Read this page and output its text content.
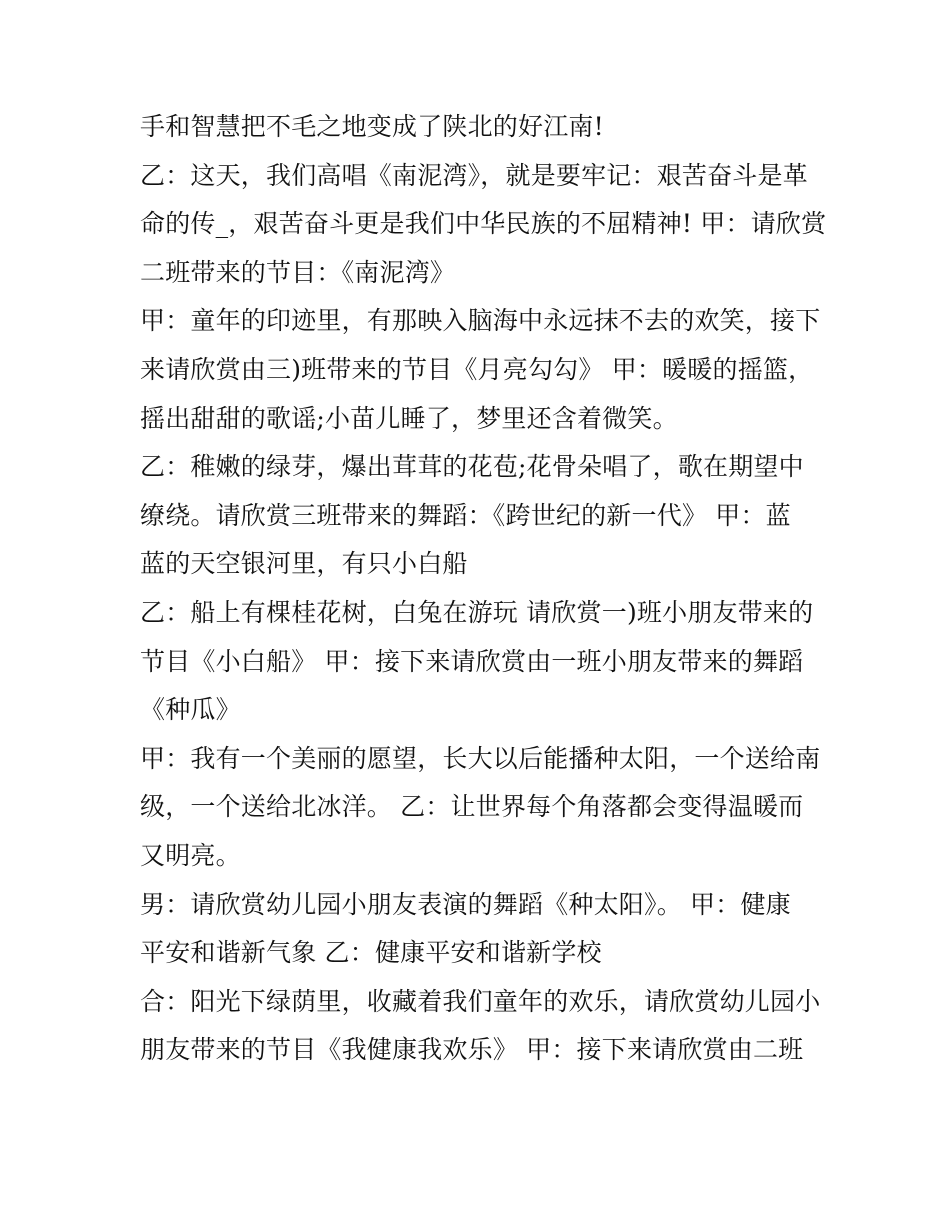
手和智慧把不毛之地变成了陕北的好江南!
乙：这天，我们高唱《南泥湾》，就是要牢记：艰苦奋斗是革
命的传_，艰苦奋斗更是我们中华民族的不屈精神! 甲：请欣赏
二班带来的节目：《南泥湾》
甲：童年的印迹里，有那映入脑海中永远抹不去的欢笑，接下
来请欣赏由三)班带来的节目《月亮勾勾》 甲：暖暖的摇篮，
摇出甜甜的歌谣;小苗儿睡了，梦里还含着微笑。
乙：稚嫩的绿芽，爆出茸茸的花苞;花骨朵唱了，歌在期望中
缭绕。请欣赏三班带来的舞蹈：《跨世纪的新一代》 甲：蓝
蓝的天空银河里，有只小白船
乙：船上有棵桂花树，白兔在游玩 请欣赏一)班小朋友带来的
节目《小白船》 甲：接下来请欣赏由一班小朋友带来的舞蹈
《种瓜》
甲：我有一个美丽的愿望，长大以后能播种太阳，一个送给南
级，一个送给北冰洋。 乙：让世界每个角落都会变得温暖而
又明亮。
男：请欣赏幼儿园小朋友表演的舞蹈《种太阳》。 甲：健康
平安和谐新气象 乙：健康平安和谐新学校
合：阳光下绿荫里，收藏着我们童年的欢乐，请欣赏幼儿园小
朋友带来的节目《我健康我欢乐》 甲：接下来请欣赏由二班
